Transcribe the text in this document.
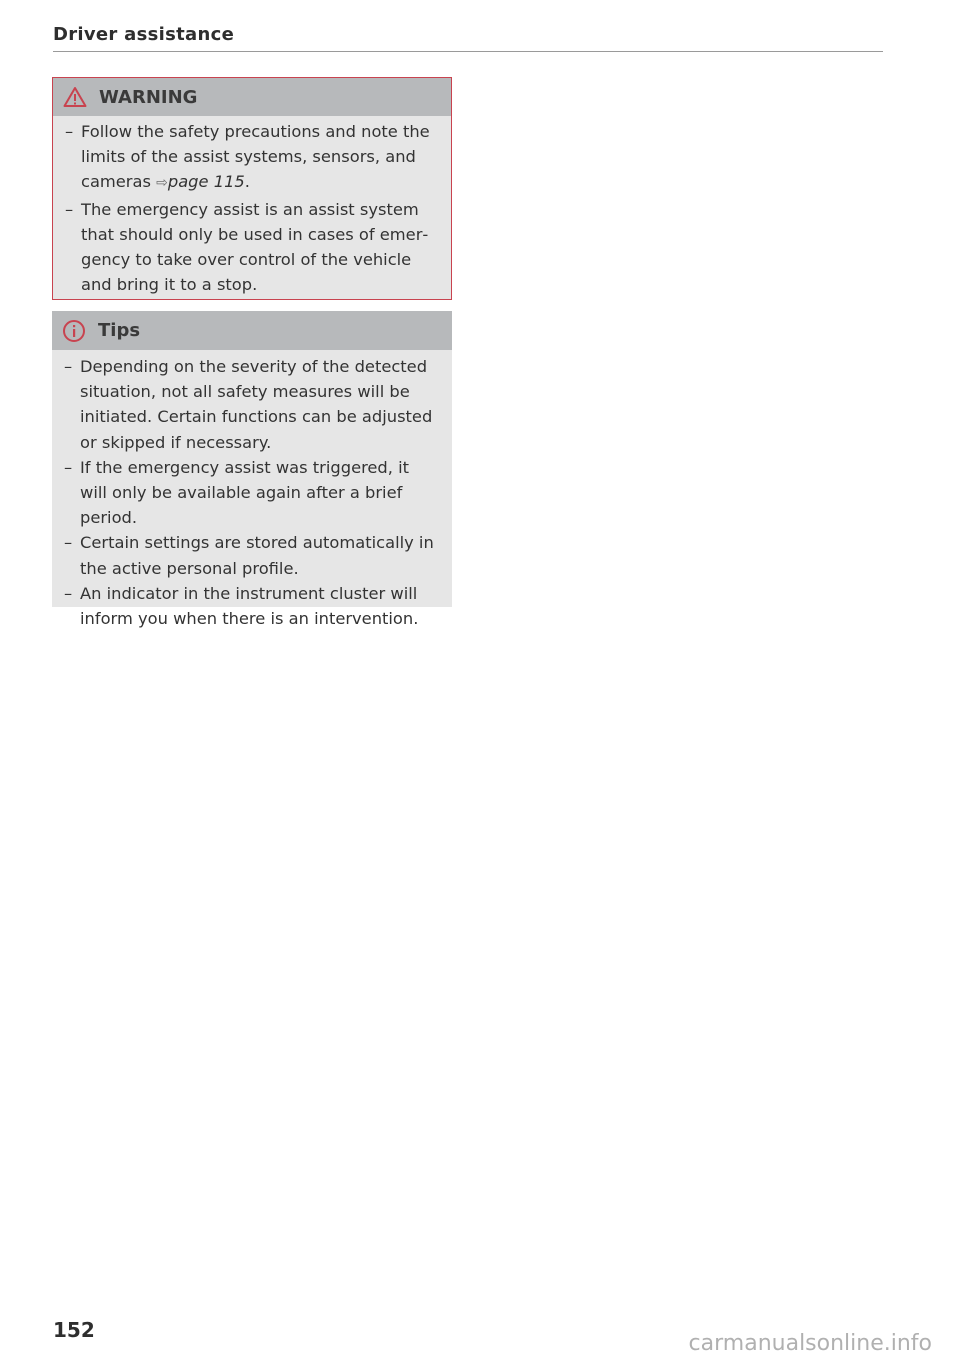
Driver assistance
WARNING
– Follow the safety precautions and note the limits of the assist systems, sensors, and cameras ⇨page 115.
– The emergency assist is an assist system that should only be used in cases of emergency to take over control of the vehicle and bring it to a stop.
Tips
– Depending on the severity of the detected situation, not all safety measures will be initiated. Certain functions can be adjusted or skipped if necessary.
– If the emergency assist was triggered, it will only be available again after a brief period.
– Certain settings are stored automatically in the active personal profile.
– An indicator in the instrument cluster will inform you when there is an intervention.
152
carmanualsonline.info
